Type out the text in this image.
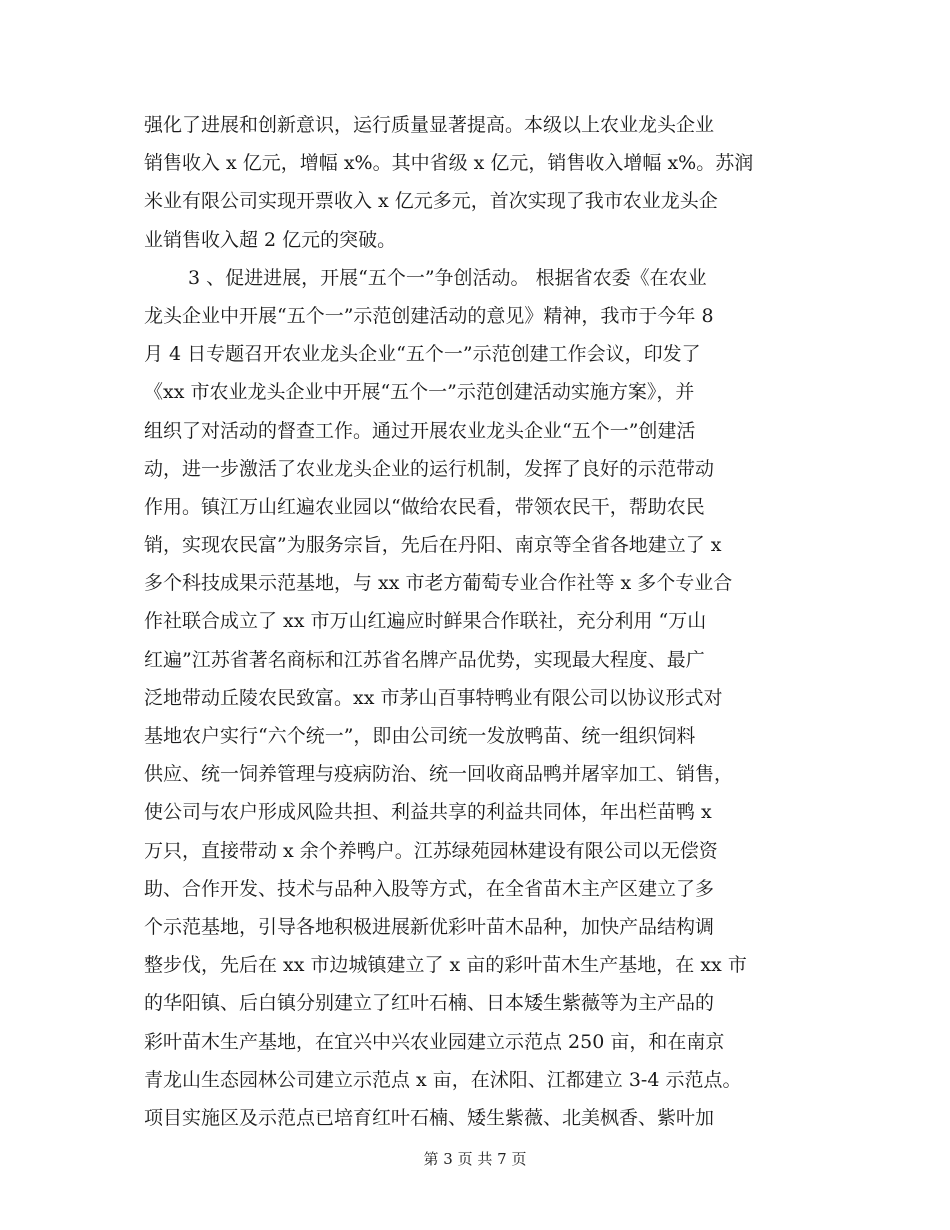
强化了进展和创新意识，运行质量显著提高。本级以上农业龙头企业
销售收入 x 亿元，增幅 x%。其中省级 x 亿元，销售收入增幅 x%。苏润
米业有限公司实现开票收入 x 亿元多元，首次实现了我市农业龙头企
业销售收入超 2 亿元的突破。
3 、促进进展，开展“五个一”争创活动。 根据省农委《在农业
龙头企业中开展“五个一”示范创建活动的意见》精神，我市于今年 8
月 4 日专题召开农业龙头企业“五个一”示范创建工作会议，印发了
《xx 市农业龙头企业中开展“五个一”示范创建活动实施方案》，并
组织了对活动的督查工作。通过开展农业龙头企业“五个一”创建活
动，进一步激活了农业龙头企业的运行机制，发挥了良好的示范带动
作用。镇江万山红遍农业园以“做给农民看，带领农民干，帮助农民
销，实现农民富”为服务宗旨，先后在丹阳、南京等全省各地建立了 x
多个科技成果示范基地，与 xx 市老方葡萄专业合作社等 x 多个专业合
作社联合成立了 xx 市万山红遍应时鲜果合作联社，充分利用 “万山
红遍”江苏省著名商标和江苏省名牌产品优势，实现最大程度、最广
泛地带动丘陵农民致富。xx 市茅山百事特鸭业有限公司以协议形式对
基地农户实行“六个统一”，即由公司统一发放鸭苗、统一组织饲料
供应、统一饲养管理与疫病防治、统一回收商品鸭并屠宰加工、销售，
使公司与农户形成风险共担、利益共享的利益共同体，年出栏苗鸭 x
万只，直接带动 x 余个养鸭户。江苏绿苑园林建设有限公司以无偿资
助、合作开发、技术与品种入股等方式，在全省苗木主产区建立了多
个示范基地，引导各地积极进展新优彩叶苗木品种，加快产品结构调
整步伐，先后在 xx 市边城镇建立了 x 亩的彩叶苗木生产基地，在 xx 市
的华阳镇、后白镇分别建立了红叶石楠、日本矮生紫薇等为主产品的
彩叶苗木生产基地，在宜兴中兴农业园建立示范点 250 亩，和在南京
青龙山生态园林公司建立示范点 x 亩，在沭阳、江都建立 3-4 示范点。
项目实施区及示范点已培育红叶石楠、矮生紫薇、北美枫香、紫叶加
第 3 页 共 7 页
